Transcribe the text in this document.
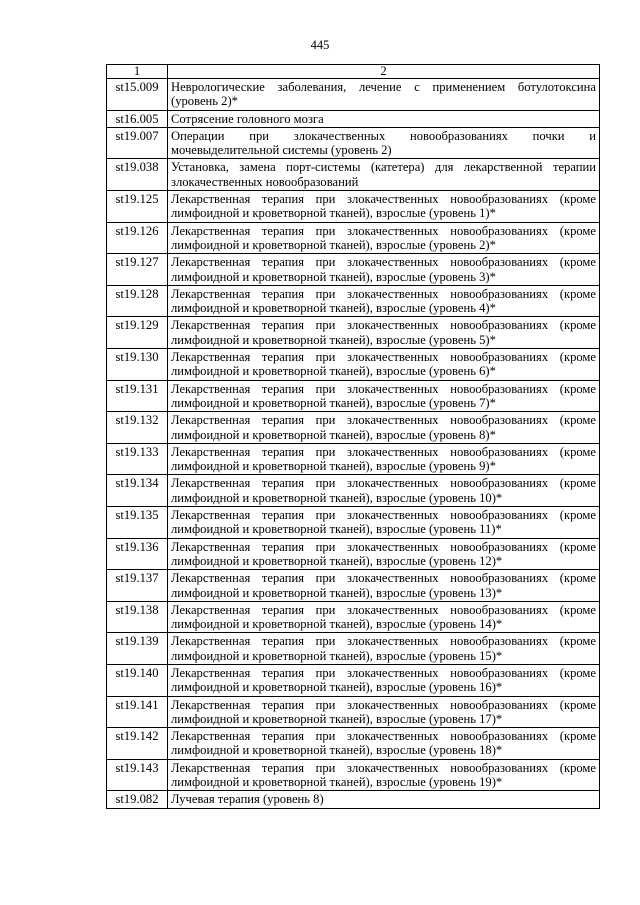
445
1	2
st15.009	Неврологические заболевания, лечение с применением ботулотоксина (уровень 2)*
st16.005	Сотрясение головного мозга
st19.007	Операции при злокачественных новообразованиях почки и мочевыделительной системы (уровень 2)
st19.038	Установка, замена порт-системы (катетера) для лекарственной терапии злокачественных новообразований
st19.125	Лекарственная терапия при злокачественных новообразованиях (кроме лимфоидной и кроветворной тканей), взрослые (уровень 1)*
st19.126	Лекарственная терапия при злокачественных новообразованиях (кроме лимфоидной и кроветворной тканей), взрослые (уровень 2)*
st19.127	Лекарственная терапия при злокачественных новообразованиях (кроме лимфоидной и кроветворной тканей), взрослые (уровень 3)*
st19.128	Лекарственная терапия при злокачественных новообразованиях (кроме лимфоидной и кроветворной тканей), взрослые (уровень 4)*
st19.129	Лекарственная терапия при злокачественных новообразованиях (кроме лимфоидной и кроветворной тканей), взрослые (уровень 5)*
st19.130	Лекарственная терапия при злокачественных новообразованиях (кроме лимфоидной и кроветворной тканей), взрослые (уровень 6)*
st19.131	Лекарственная терапия при злокачественных новообразованиях (кроме лимфоидной и кроветворной тканей), взрослые (уровень 7)*
st19.132	Лекарственная терапия при злокачественных новообразованиях (кроме лимфоидной и кроветворной тканей), взрослые (уровень 8)*
st19.133	Лекарственная терапия при злокачественных новообразованиях (кроме лимфоидной и кроветворной тканей), взрослые (уровень 9)*
st19.134	Лекарственная терапия при злокачественных новообразованиях (кроме лимфоидной и кроветворной тканей), взрослые (уровень 10)*
st19.135	Лекарственная терапия при злокачественных новообразованиях (кроме лимфоидной и кроветворной тканей), взрослые (уровень 11)*
st19.136	Лекарственная терапия при злокачественных новообразованиях (кроме лимфоидной и кроветворной тканей), взрослые (уровень 12)*
st19.137	Лекарственная терапия при злокачественных новообразованиях (кроме лимфоидной и кроветворной тканей), взрослые (уровень 13)*
st19.138	Лекарственная терапия при злокачественных новообразованиях (кроме лимфоидной и кроветворной тканей), взрослые (уровень 14)*
st19.139	Лекарственная терапия при злокачественных новообразованиях (кроме лимфоидной и кроветворной тканей), взрослые (уровень 15)*
st19.140	Лекарственная терапия при злокачественных новообразованиях (кроме лимфоидной и кроветворной тканей), взрослые (уровень 16)*
st19.141	Лекарственная терапия при злокачественных новообразованиях (кроме лимфоидной и кроветворной тканей), взрослые (уровень 17)*
st19.142	Лекарственная терапия при злокачественных новообразованиях (кроме лимфоидной и кроветворной тканей), взрослые (уровень 18)*
st19.143	Лекарственная терапия при злокачественных новообразованиях (кроме лимфоидной и кроветворной тканей), взрослые (уровень 19)*
st19.082	Лучевая терапия (уровень 8)
